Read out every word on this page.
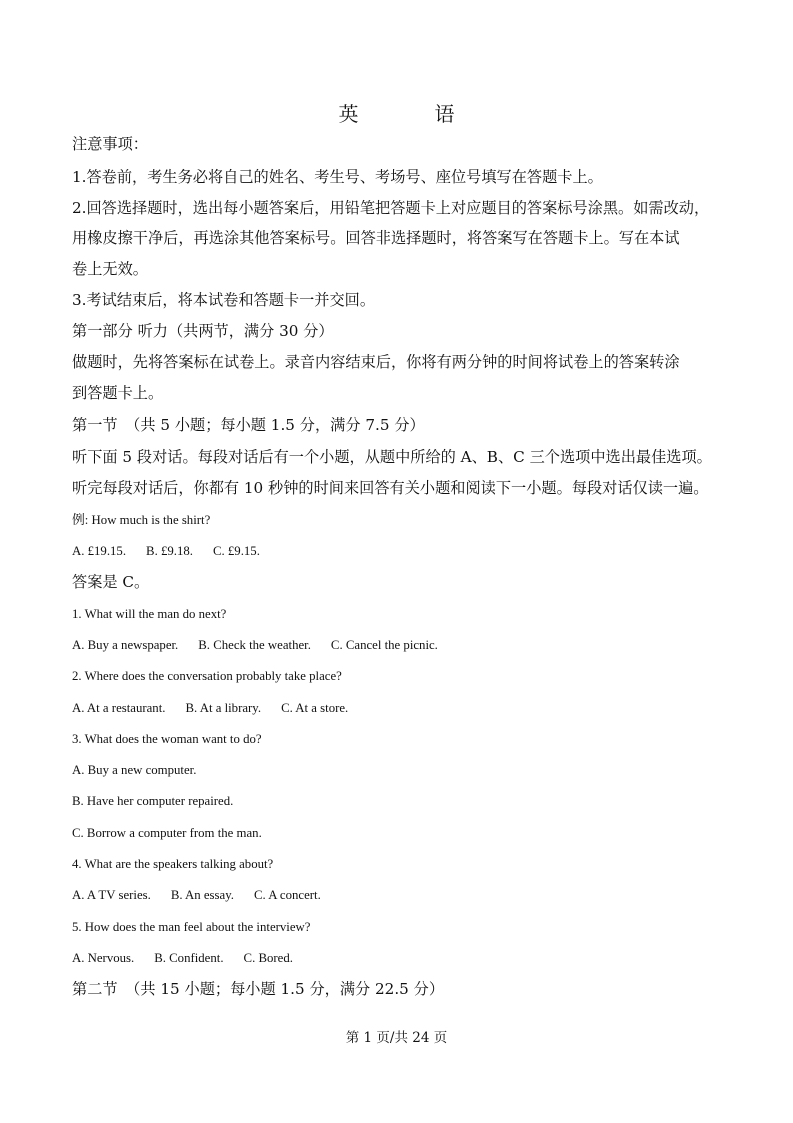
英　语
注意事项：
1.答卷前，考生务必将自己的姓名、考生号、考场号、座位号填写在答题卡上。
2.回答选择题时，选出每小题答案后，用铅笔把答题卡上对应题目的答案标号涂黑。如需改动，
用橡皮擦干净后，再选涂其他答案标号。回答非选择题时，将答案写在答题卡上。写在本试
卷上无效。
3.考试结束后，将本试卷和答题卡一并交回。
第一部分 听力（共两节，满分 30 分）
做题时，先将答案标在试卷上。录音内容结束后，你将有两分钟的时间将试卷上的答案转涂
到答题卡上。
第一节　（共 5 小题；每小题 1.5 分，满分 7.5 分）
听下面 5 段对话。每段对话后有一个小题，从题中所给的 A、B、C 三个选项中选出最佳选项。
听完每段对话后，你都有 10 秒钟的时间来回答有关小题和阅读下一小题。每段对话仅读一遍。
例: How much is the shirt?
A. £19.15. B. £9.18. C. £9.15.
答案是 C。
1. What will the man do next?
A. Buy a newspaper. B. Check the weather. C. Cancel the picnic.
2. Where does the conversation probably take place?
A. At a restaurant. B. At a library. C. At a store.
3. What does the woman want to do?
A. Buy a new computer.
B. Have her computer repaired.
C. Borrow a computer from the man.
4. What are the speakers talking about?
A. A TV series. B. An essay. C. A concert.
5. How does the man feel about the interview?
A. Nervous. B. Confident. C. Bored.
第二节　（共 15 小题；每小题 1.5 分，满分 22.5 分）
第 1 页/共 24 页
